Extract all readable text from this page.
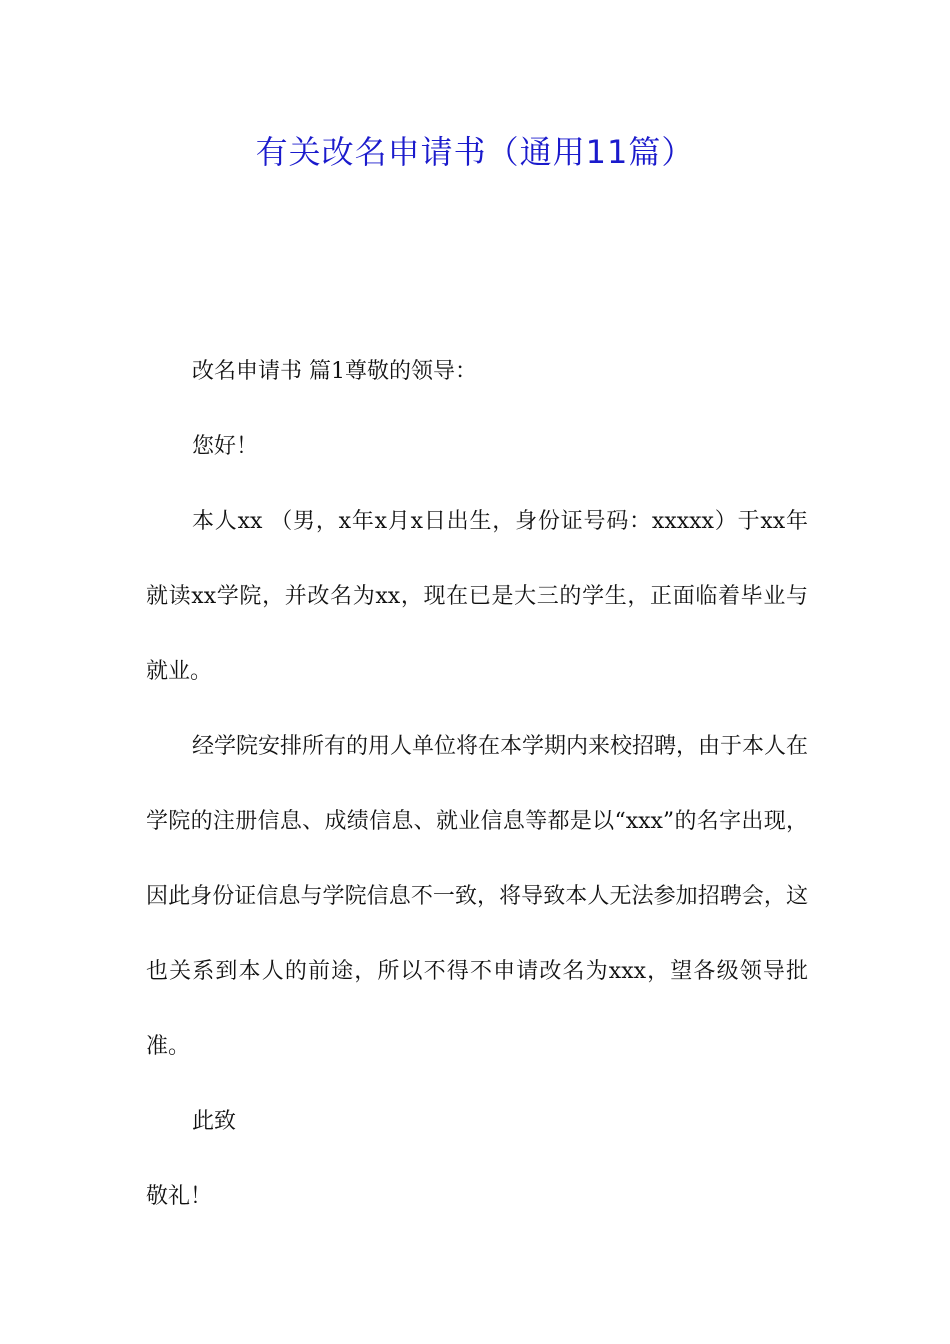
有关改名申请书（通用11篇）

改名申请书 篇1尊敬的领导：

您好！

本人xx （男，x年x月x日出生，身份证号码：xxxxx）于xx年就读xx学院，并改名为xx，现在已是大三的学生，正面临着毕业与就业。

经学院安排所有的用人单位将在本学期内来校招聘，由于本人在学院的注册信息、成绩信息、就业信息等都是以“xxx”的名字出现，因此身份证信息与学院信息不一致，将导致本人无法参加招聘会，这也关系到本人的前途，所以不得不申请改名为xxx，望各级领导批准。

此致

敬礼！
